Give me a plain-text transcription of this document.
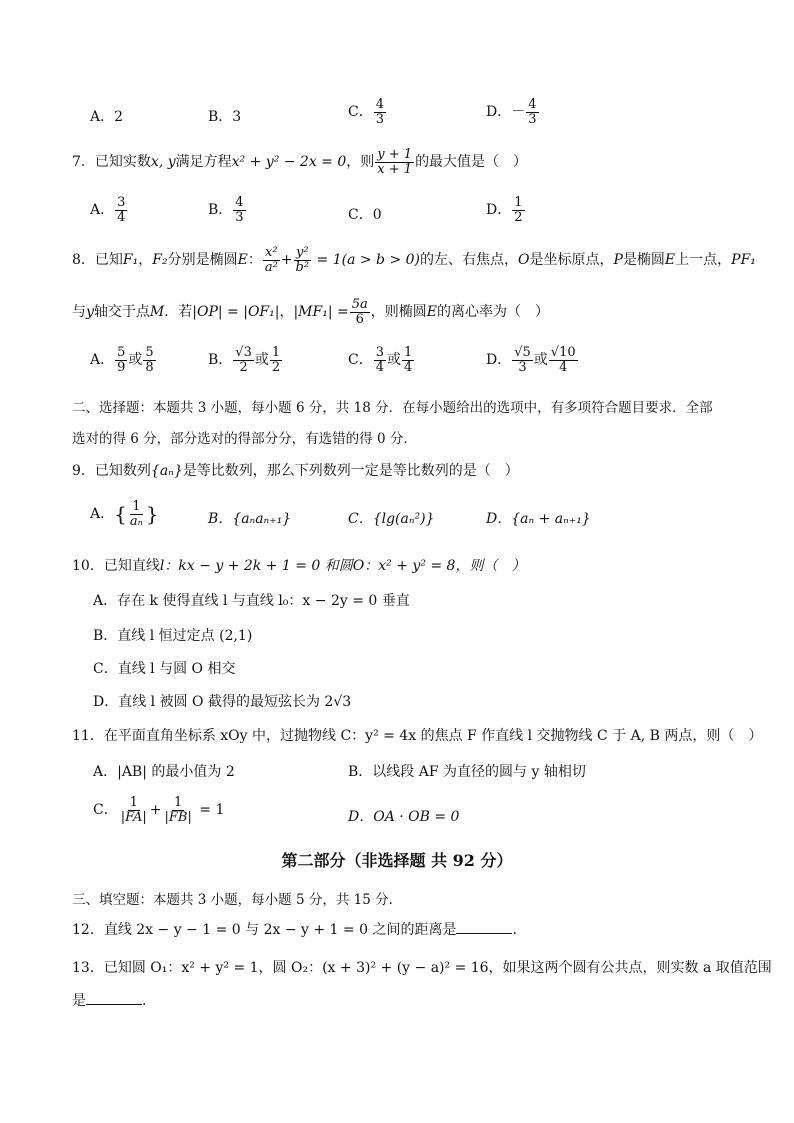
A．2	B．3	C． $\frac{4}{3}$	D．－ $\frac{4}{3}$
7．已知实数x, y满足方程x² + y² − 2x = 0，则 $\frac{y + 1}{x + 1}$ 的最大值是（　）
A． $\frac{3}{4}$	B． $\frac{4}{3}$	C．0	D． $\frac{1}{2}$
8．已知F₁，F₂分别是椭圆E： $\frac{\text{x²}}{\text{a²}} + \frac{\text{y²}}{\text{b²}} = 1(a > b > 0)$的左、右焦点，O是坐标原点，P是椭圆E上一点，PF₁
与y轴交于点M．若|OP| = |OF₁|，$|MF_1| = \frac{5a}{6}$ ，则椭圆E的离心率为（　）
A． $\frac{5}{9}$ 或 $\frac{5}{8}$	B． $\frac{√3}{2}$ 或 $\frac{1}{2}$	C． $\frac{3}{4}$ 或 $\frac{1}{4}$	D． $\frac{√5}{3}$ 或 $\frac{√10}{4}$
二、选择题：本题共 3 小题，每小题 6 分，共 18 分．在每小题给出的选项中，有多项符合题目要求．全部
选对的得 6 分，部分选对的得部分分，有选错的得 0 分．
9．已知数列{aₙ}是等比数列，那么下列数列一定是等比数列的是（　）
A．{ $\frac{1}{\text{aₙ}}$ }	B．{aₙaₙ₊₁}	C．{lg(aₙ²)}	D．{aₙ + aₙ₊₁}
10．已知直线l：kx − y + 2k + 1 = 0 和圆O：x² + y² = 8，则（　）
A．存在 k 使得直线 l 与直线 l₀：x − 2y = 0 垂直
B．直线 l 恒过定点 (2,1)
C．直线 l 与圆 O 相交
D．直线 l 被圆 O 截得的最短弦长为 2√3
11．在平面直角坐标系 xOy 中，过抛物线 C：y² = 4x 的焦点 F 作直线 l 交抛物线 C 于 A, B 两点，则（　）
A．|AB| 的最小值为 2	B．以线段 AF 为直径的圆与 y 轴相切
C． $\frac{1}{|FA|} + \frac{1}{|FB|} = 1$	D．OA · OB = 0
第二部分（非选择题 共 92 分）
三、填空题：本题共 3 小题，每小题 5 分，共 15 分．
12．直线 2x − y − 1 = 0 与 2x − y + 1 = 0 之间的距离是	．
13．已知圆 O₁：x² + y² = 1，圆 O₂：(x + 3)² + (y − a)² = 16，如果这两个圆有公共点，则实数 a 取值范围
是	．
